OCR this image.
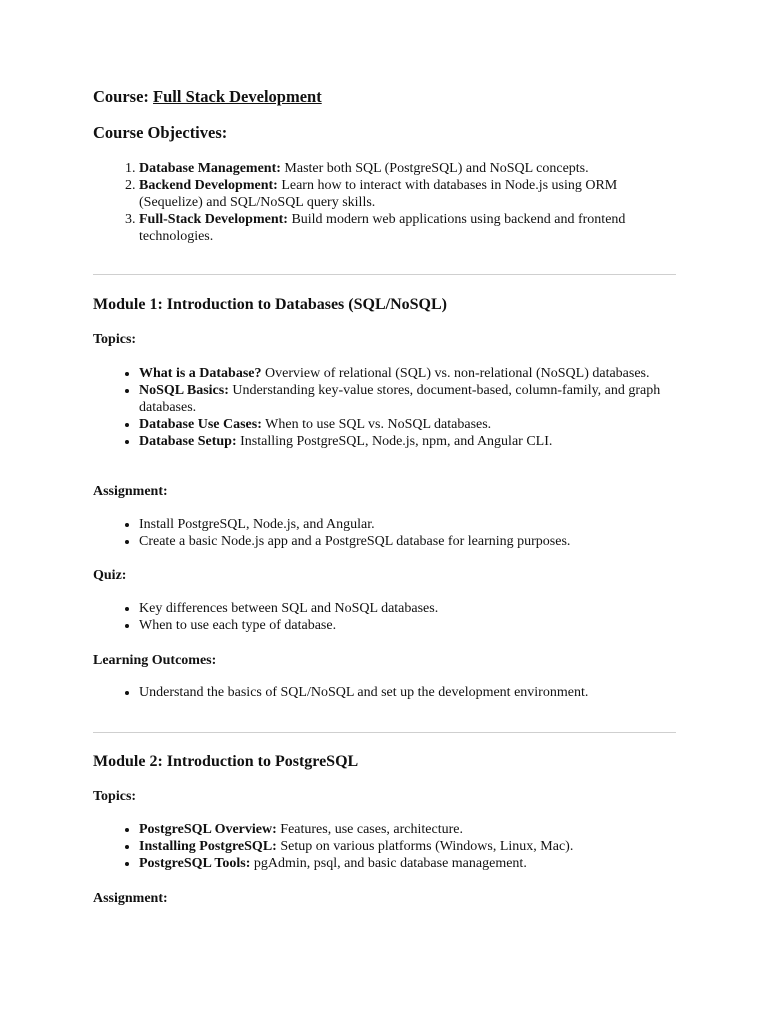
Course: Full Stack Development

Course Objectives:

1. Database Management: Master both SQL (PostgreSQL) and NoSQL concepts.
2. Backend Development: Learn how to interact with databases in Node.js using ORM (Sequelize) and SQL/NoSQL query skills.
3. Full-Stack Development: Build modern web applications using backend and frontend technologies.

Module 1: Introduction to Databases (SQL/NoSQL)

Topics:

• What is a Database? Overview of relational (SQL) vs. non-relational (NoSQL) databases.
• NoSQL Basics: Understanding key-value stores, document-based, column-family, and graph databases.
• Database Use Cases: When to use SQL vs. NoSQL databases.
• Database Setup: Installing PostgreSQL, Node.js, npm, and Angular CLI.

Assignment:

• Install PostgreSQL, Node.js, and Angular.
• Create a basic Node.js app and a PostgreSQL database for learning purposes.

Quiz:

• Key differences between SQL and NoSQL databases.
• When to use each type of database.

Learning Outcomes:

• Understand the basics of SQL/NoSQL and set up the development environment.

Module 2: Introduction to PostgreSQL

Topics:

• PostgreSQL Overview: Features, use cases, architecture.
• Installing PostgreSQL: Setup on various platforms (Windows, Linux, Mac).
• PostgreSQL Tools: pgAdmin, psql, and basic database management.

Assignment:
